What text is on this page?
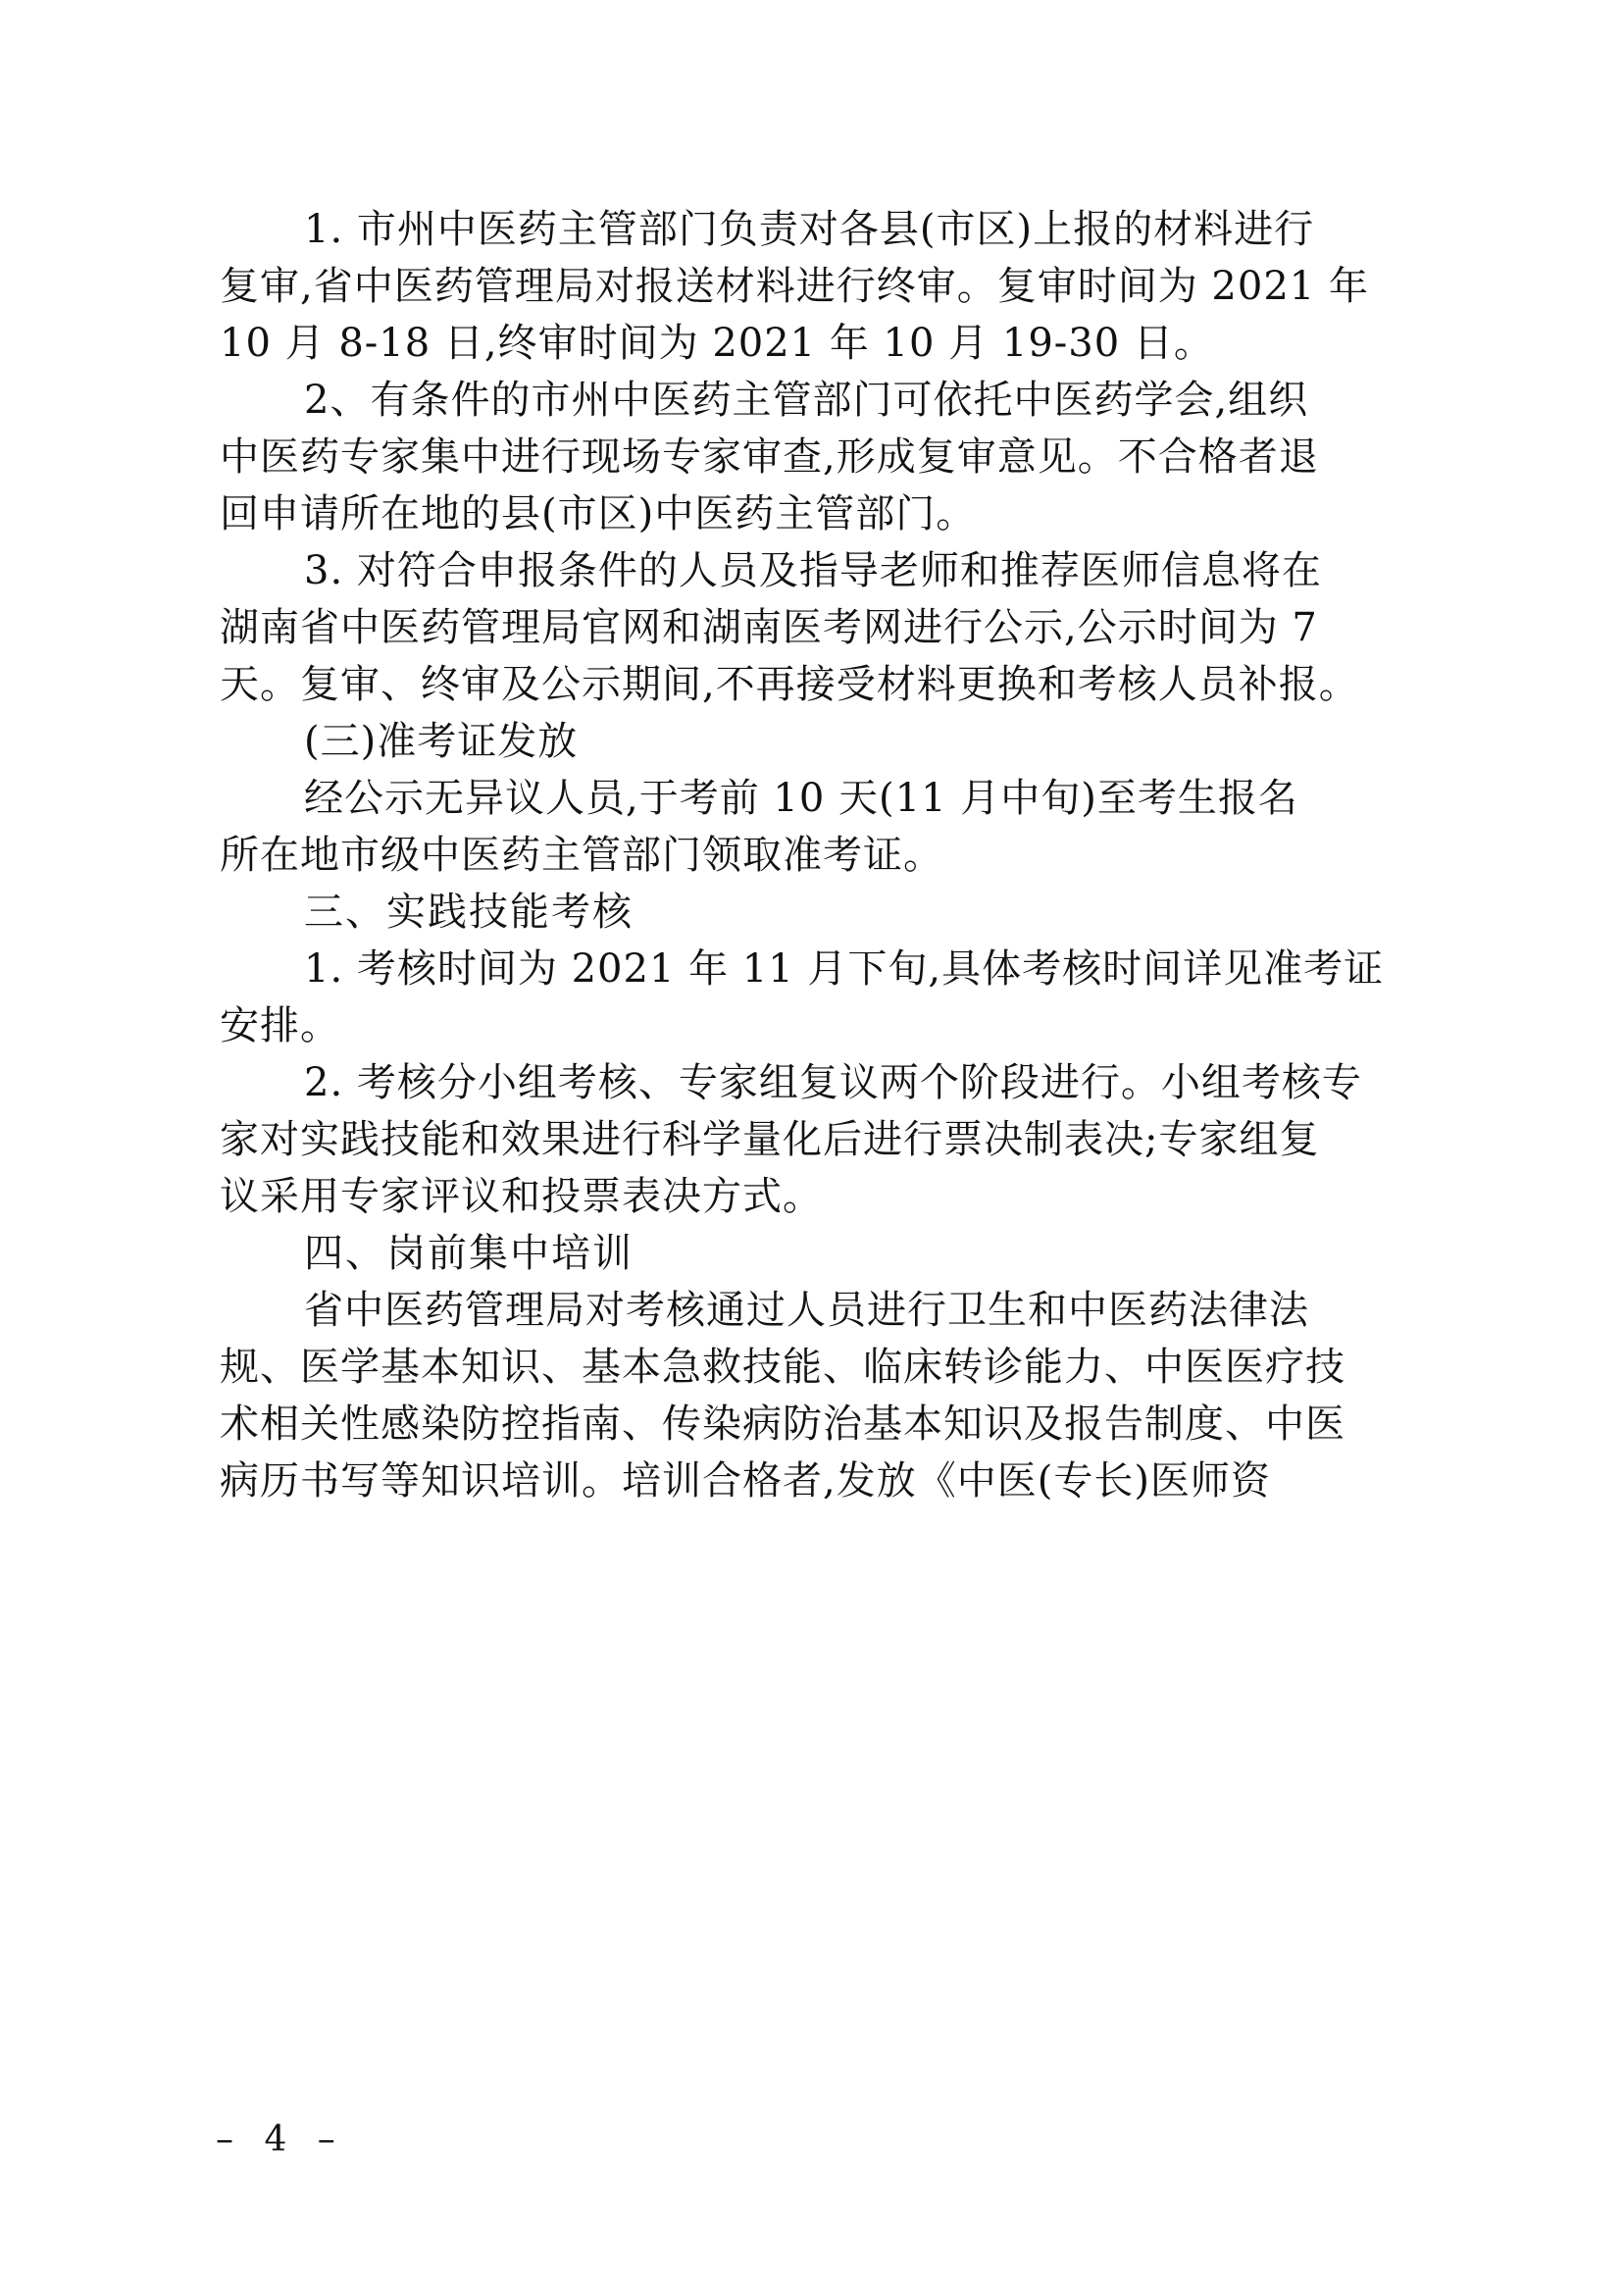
1. 市州中医药主管部门负责对各县(市区)上报的材料进行
复审,省中医药管理局对报送材料进行终审。复审时间为 2021 年
10 月 8-18 日,终审时间为 2021 年 10 月 19-30 日。
2、有条件的市州中医药主管部门可依托中医药学会,组织
中医药专家集中进行现场专家审查,形成复审意见。不合格者退
回申请所在地的县(市区)中医药主管部门。
3. 对符合申报条件的人员及指导老师和推荐医师信息将在
湖南省中医药管理局官网和湖南医考网进行公示,公示时间为 7
天。复审、终审及公示期间,不再接受材料更换和考核人员补报。
(三)准考证发放
经公示无异议人员,于考前 10 天(11 月中旬)至考生报名
所在地市级中医药主管部门领取准考证。
三、实践技能考核
1. 考核时间为 2021 年 11 月下旬,具体考核时间详见准考证
安排。
2. 考核分小组考核、专家组复议两个阶段进行。小组考核专
家对实践技能和效果进行科学量化后进行票决制表决;专家组复
议采用专家评议和投票表决方式。
四、岗前集中培训
省中医药管理局对考核通过人员进行卫生和中医药法律法
规、医学基本知识、基本急救技能、临床转诊能力、中医医疗技
术相关性感染防控指南、传染病防治基本知识及报告制度、中医
病历书写等知识培训。培训合格者,发放《中医(专长)医师资
– 4 –
